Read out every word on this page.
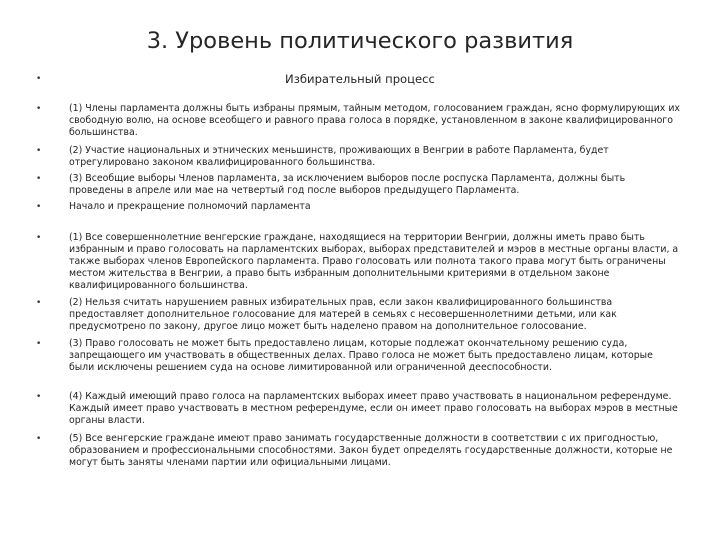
3. Уровень политического развития
•	Избирательный процесс
•	(1) Члены парламента должны быть избраны прямым, тайным методом, голосованием граждан, ясно формулирующих их свободную волю, на основе всеобщего и равного права голоса в порядке, установленном в законе квалифицированного большинства.

•	(2) Участие национальных и этнических меньшинств, проживающих в Венгрии в работе Парламента, будет отрегулировано законом квалифицированного большинства.

•	(3) Всеобщие выборы Членов парламента, за исключением выборов после роспуска Парламента, должны быть проведены в апреле или мае на четвертый год после выборов предыдущего Парламента.

•	Начало и прекращение полномочий парламента

•	(1) Все совершеннолетние венгерские граждане, находящиеся на территории Венгрии, должны иметь право быть избранным и право голосовать на парламентских выборах, выборах представителей и мэров в местные органы власти, а также выборах членов Европейского парламента. Право голосовать или полнота такого права могут быть ограничены местом жительства в Венгрии, а право быть избранным дополнительными критериями в отдельном законе квалифицированного большинства.

•	(2) Нельзя считать нарушением равных избирательных прав, если закон квалифицированного большинства предоставляет дополнительное голосование для матерей в семьях с несовершеннолетними детьми, или как предусмотрено по закону, другое лицо может быть наделено правом на дополнительное голосование.

•	(3) Право голосовать не может быть предоставлено лицам, которые подлежат окончательному решению суда, запрещающего им участвовать в общественных делах. Право голоса не может быть предоставлено лицам, которые были исключены решением суда на основе лимитированной или ограниченной дееспособности.

•	(4) Каждый имеющий право голоса на парламентских выборах имеет право участвовать в национальном референдуме. Каждый имеет право участвовать в местном референдуме, если он имеет право голосовать на выборах мэров в местные органы власти.

•	(5) Все венгерские граждане имеют право занимать государственные должности в соответствии с их пригодностью, образованием и профессиональными способностями. Закон будет определять государственные должности, которые не могут быть заняты членами партии или официальными лицами.
